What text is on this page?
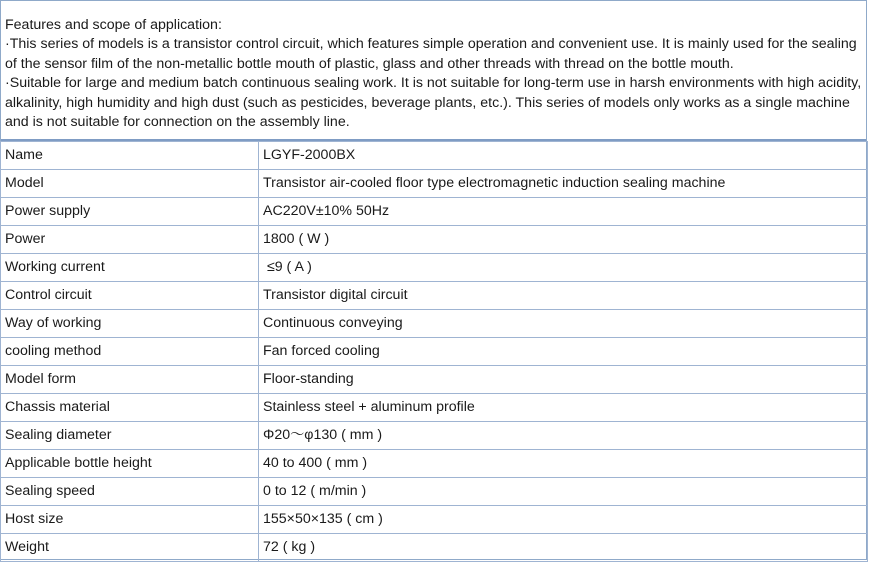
Features and scope of application:

·This series of models is a transistor control circuit, which features simple operation and convenient use. It is mainly used for the sealing of the sensor film of the non-metallic bottle mouth of plastic, glass and other threads with thread on the bottle mouth.

·Suitable for large and medium batch continuous sealing work. It is not suitable for long-term use in harsh environments with high acidity, alkalinity, high humidity and high dust (such as pesticides, beverage plants, etc.). This series of models only works as a single machine and is not suitable for connection on the assembly line.

Name	LGYF-2000BX
Model	Transistor air-cooled floor type electromagnetic induction sealing machine
Power supply	AC220V±10% 50Hz
Power	1800 ( W )
Working current	≤9 ( A )
Control circuit	Transistor digital circuit
Way of working	Continuous conveying
cooling method	Fan forced cooling
Model form	Floor-standing
Chassis material	Stainless steel + aluminum profile
Sealing diameter	Φ20～φ130 ( mm )
Applicable bottle height	40 to 400 ( mm )
Sealing speed	0 to 12 ( m/min )
Host size	155×50×135 ( cm )
Weight	72 ( kg )
